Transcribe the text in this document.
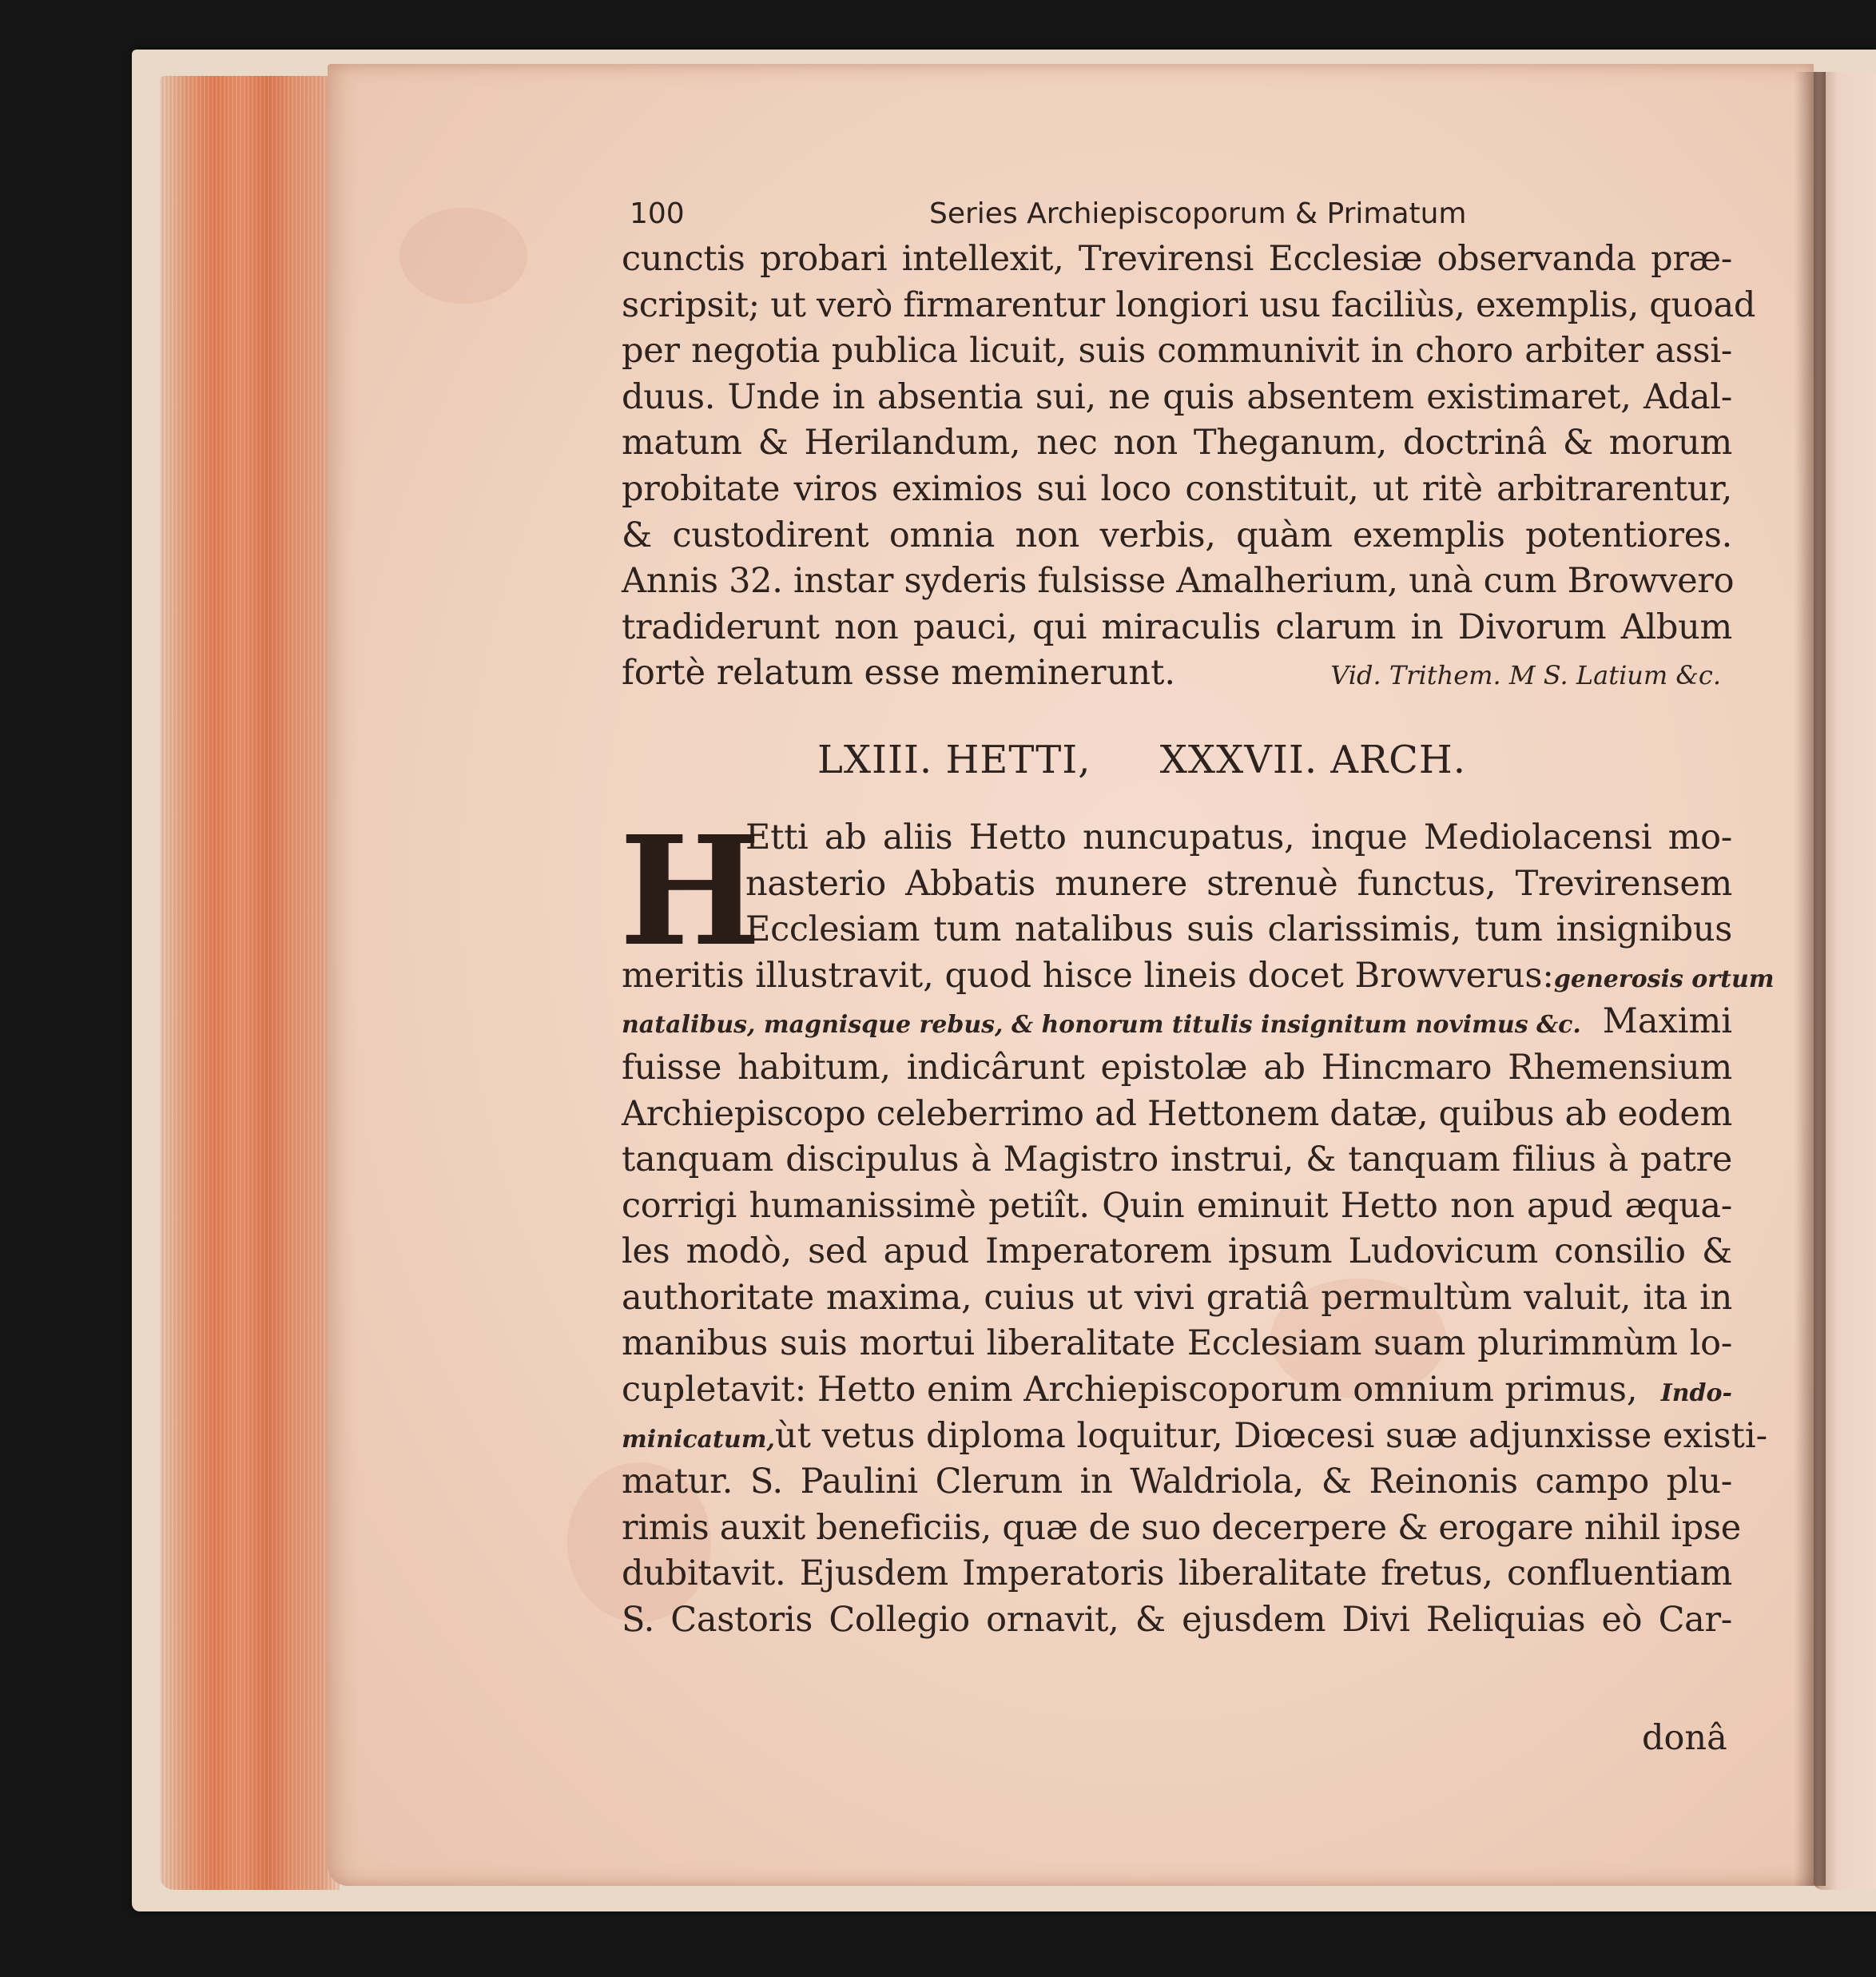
100	Series Archiepiscoporum & Primatum
cunctis probari intellexit, Trevirensi Ecclesiæ observanda præ-
scripsit; ut verò firmarentur longiori usu faciliùs, exemplis, quoad
per negotia publica licuit, suis communivit in choro arbiter assi-
duus. Unde in absentia sui, ne quis absentem existimaret, Adal-
matum & Herilandum, nec non Theganum, doctrinâ & morum
probitate viros eximios sui loco constituit, ut ritè arbitrarentur,
& custodirent omnia non verbis, quàm exemplis potentiores.
Annis 32. instar syderis fulsisse Amalherium, unà cum Browvero
tradiderunt non pauci, qui miraculis clarum in Divorum Album
fortè relatum esse meminerunt.	Vid. Trithem. M S. Latium &c.
LXIII. HETTI, XXXVII. ARCH.
H
Etti ab aliis Hetto nuncupatus, inque Mediolacensi mo-
nasterio Abbatis munere strenuè functus, Trevirensem
Ecclesiam tum natalibus suis clarissimis, tum insignibus
meritis illustravit, quod hisce lineis docet Browverus: generosis ortum
natalibus, magnisque rebus, & honorum titulis insignitum novimus &c. Maximi
fuisse habitum, indicârunt epistolæ ab Hincmaro Rhemensium
Archiepiscopo celeberrimo ad Hettonem datæ, quibus ab eodem
tanquam discipulus à Magistro instrui, & tanquam filius à patre
corrigi humanissimè petiît. Quin eminuit Hetto non apud æqua-
les modò, sed apud Imperatorem ipsum Ludovicum consilio &
authoritate maxima, cuius ut vivi gratiâ permultùm valuit, ita in
manibus suis mortui liberalitate Ecclesiam suam plurimmùm lo-
cupletavit: Hetto enim Archiepiscoporum omnium primus, Indo-
minicatum, ùt vetus diploma loquitur, Diœcesi suæ adjunxisse existi-
matur. S. Paulini Clerum in Waldriola, & Reinonis campo plu-
rimis auxit beneficiis, quæ de suo decerpere & erogare nihil ipse
dubitavit. Ejusdem Imperatoris liberalitate fretus, confluentiam
S. Castoris Collegio ornavit, & ejusdem Divi Reliquias eò Car-
donâ
